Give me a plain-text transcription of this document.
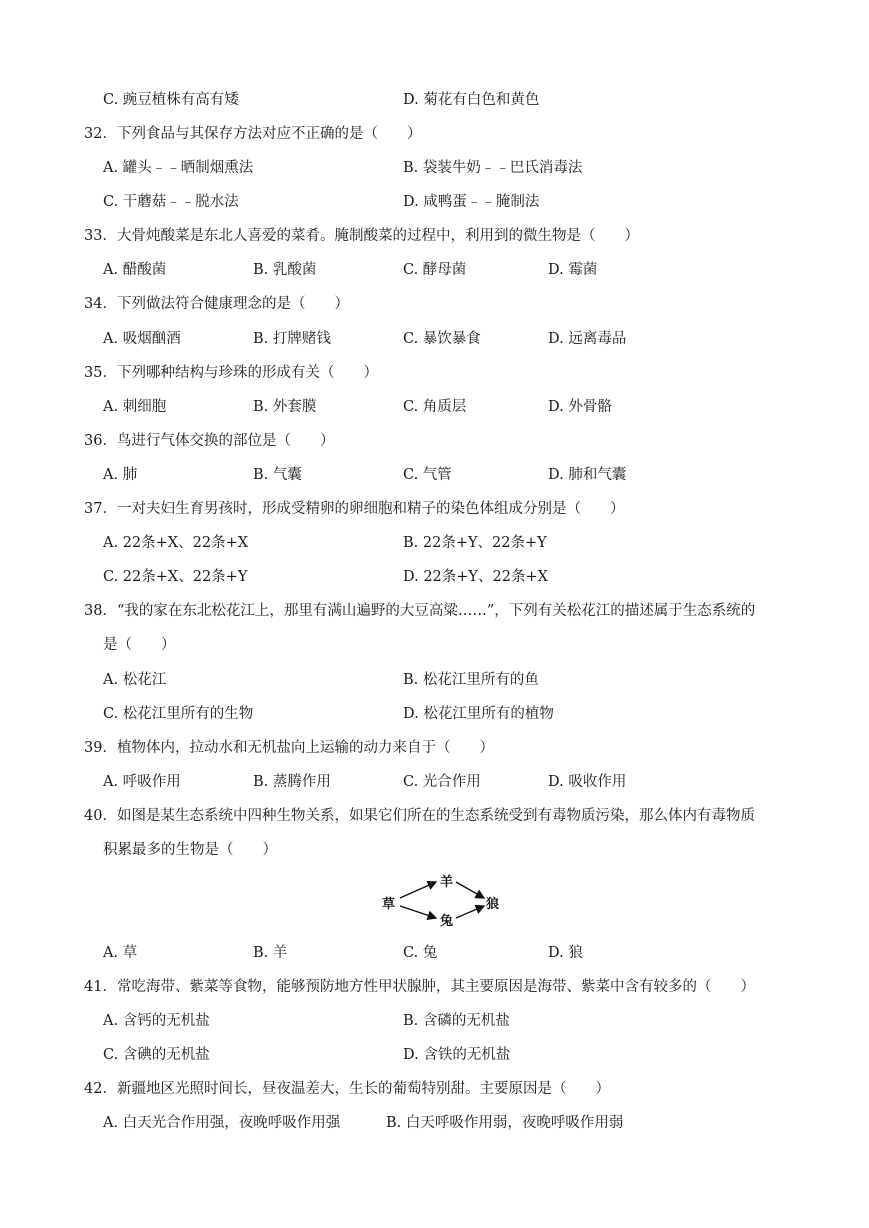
C. 豌豆植株有高有矮	D. 菊花有白色和黄色
32．下列食品与其保存方法对应不正确的是（　　）
A. 罐头﹣﹣晒制烟熏法	B. 袋装牛奶﹣﹣巴氏消毒法
C. 干蘑菇﹣﹣脱水法	D. 咸鸭蛋﹣﹣腌制法
33．大骨炖酸菜是东北人喜爱的菜肴。腌制酸菜的过程中，利用到的微生物是（　　）
A. 醋酸菌	B. 乳酸菌	C. 酵母菌	D. 霉菌
34．下列做法符合健康理念的是（　　）
A. 吸烟酗酒	B. 打牌赌钱	C. 暴饮暴食	D. 远离毒品
35．下列哪种结构与珍珠的形成有关（　　）
A. 刺细胞	B. 外套膜	C. 角质层	D. 外骨骼
36．鸟进行气体交换的部位是（　　）
A. 肺	B. 气囊	C. 气管	D. 肺和气囊
37．一对夫妇生育男孩时，形成受精卵的卵细胞和精子的染色体组成分别是（　　）
A. 22条+X、22条+X	B. 22条+Y、22条+Y
C. 22条+X、22条+Y	D. 22条+Y、22条+X
38．“我的家在东北松花江上，那里有满山遍野的大豆高粱……”，下列有关松花江的描述属于生态系统的
是（　　）
A. 松花江	B. 松花江里所有的鱼
C. 松花江里所有的生物	D. 松花江里所有的植物
39．植物体内，拉动水和无机盐向上运输的动力来自于（　　）
A. 呼吸作用	B. 蒸腾作用	C. 光合作用	D. 吸收作用
40．如图是某生态系统中四种生物关系，如果它们所在的生态系统受到有毒物质污染，那么体内有毒物质
积累最多的生物是（　　）
草
羊
兔
狼
A. 草	B. 羊	C. 兔	D. 狼
41．常吃海带、紫菜等食物，能够预防地方性甲状腺肿，其主要原因是海带、紫菜中含有较多的（　　）
A. 含钙的无机盐	B. 含磷的无机盐
C. 含碘的无机盐	D. 含铁的无机盐
42．新疆地区光照时间长，昼夜温差大，生长的葡萄特别甜。主要原因是（　　）
A. 白天光合作用强，夜晚呼吸作用强	B. 白天呼吸作用弱，夜晚呼吸作用弱
